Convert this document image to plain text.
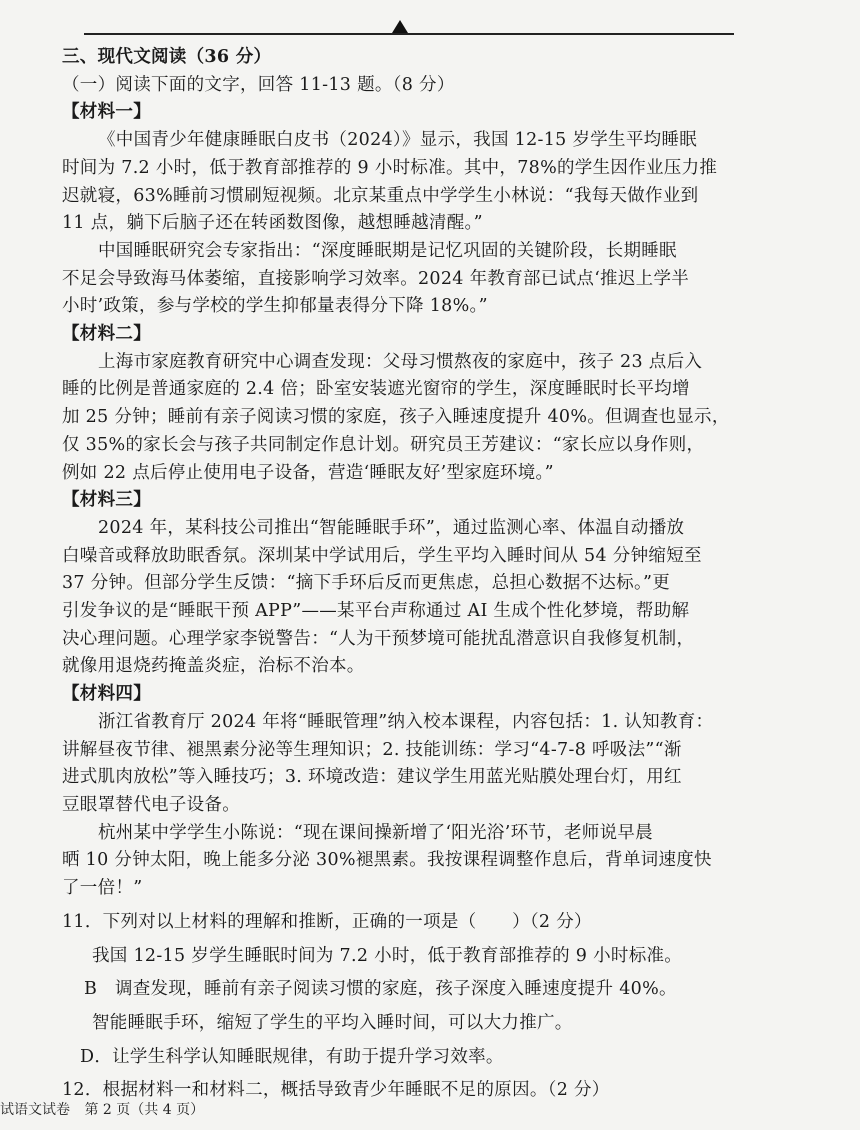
三、现代文阅读（36 分）
（一）阅读下面的文字，回答 11-13 题。（8 分）
【材料一】
《中国青少年健康睡眠白皮书（2024）》显示，我国 12-15 岁学生平均睡眠
时间为 7.2 小时，低于教育部推荐的 9 小时标准。其中，78%的学生因作业压力推
迟就寝，63%睡前习惯刷短视频。北京某重点中学学生小林说：“我每天做作业到
11 点，躺下后脑子还在转函数图像，越想睡越清醒。”
中国睡眠研究会专家指出：“深度睡眠期是记忆巩固的关键阶段，长期睡眠
不足会导致海马体萎缩，直接影响学习效率。2024 年教育部已试点‘推迟上学半
小时’政策，参与学校的学生抑郁量表得分下降 18%。”
【材料二】
上海市家庭教育研究中心调查发现：父母习惯熬夜的家庭中，孩子 23 点后入
睡的比例是普通家庭的 2.4 倍；卧室安装遮光窗帘的学生，深度睡眠时长平均增
加 25 分钟；睡前有亲子阅读习惯的家庭，孩子入睡速度提升 40%。但调查也显示，
仅 35%的家长会与孩子共同制定作息计划。研究员王芳建议：“家长应以身作则，
例如 22 点后停止使用电子设备，营造‘睡眠友好’型家庭环境。”
【材料三】
2024 年，某科技公司推出“智能睡眠手环”，通过监测心率、体温自动播放
白噪音或释放助眠香氛。深圳某中学试用后，学生平均入睡时间从 54 分钟缩短至
37 分钟。但部分学生反馈：“摘下手环后反而更焦虑，总担心数据不达标。”更
引发争议的是“睡眠干预 APP”——某平台声称通过 AI 生成个性化梦境，帮助解
决心理问题。心理学家李锐警告：“人为干预梦境可能扰乱潜意识自我修复机制，
就像用退烧药掩盖炎症，治标不治本。
【材料四】
浙江省教育厅 2024 年将“睡眠管理”纳入校本课程，内容包括：1. 认知教育：
讲解昼夜节律、褪黑素分泌等生理知识；2. 技能训练：学习“4-7-8 呼吸法”“渐
进式肌肉放松”等入睡技巧；3. 环境改造：建议学生用蓝光贴膜处理台灯，用红
豆眼罩替代电子设备。
杭州某中学学生小陈说：“现在课间操新增了‘阳光浴’环节，老师说早晨
晒 10 分钟太阳，晚上能多分泌 30%褪黑素。我按课程调整作息后，背单词速度快
了一倍！”
11．下列对以上材料的理解和推断，正确的一项是（　　）（2 分）
我国 12-15 岁学生睡眠时间为 7.2 小时，低于教育部推荐的 9 小时标准。
B　调查发现，睡前有亲子阅读习惯的家庭，孩子深度入睡速度提升 40%。
智能睡眠手环，缩短了学生的平均入睡时间，可以大力推广。
D．让学生科学认知睡眠规律，有助于提升学习效率。
12．根据材料一和材料二，概括导致青少年睡眠不足的原因。（2 分）
试语文试卷 第 2 页（共 4 页）
